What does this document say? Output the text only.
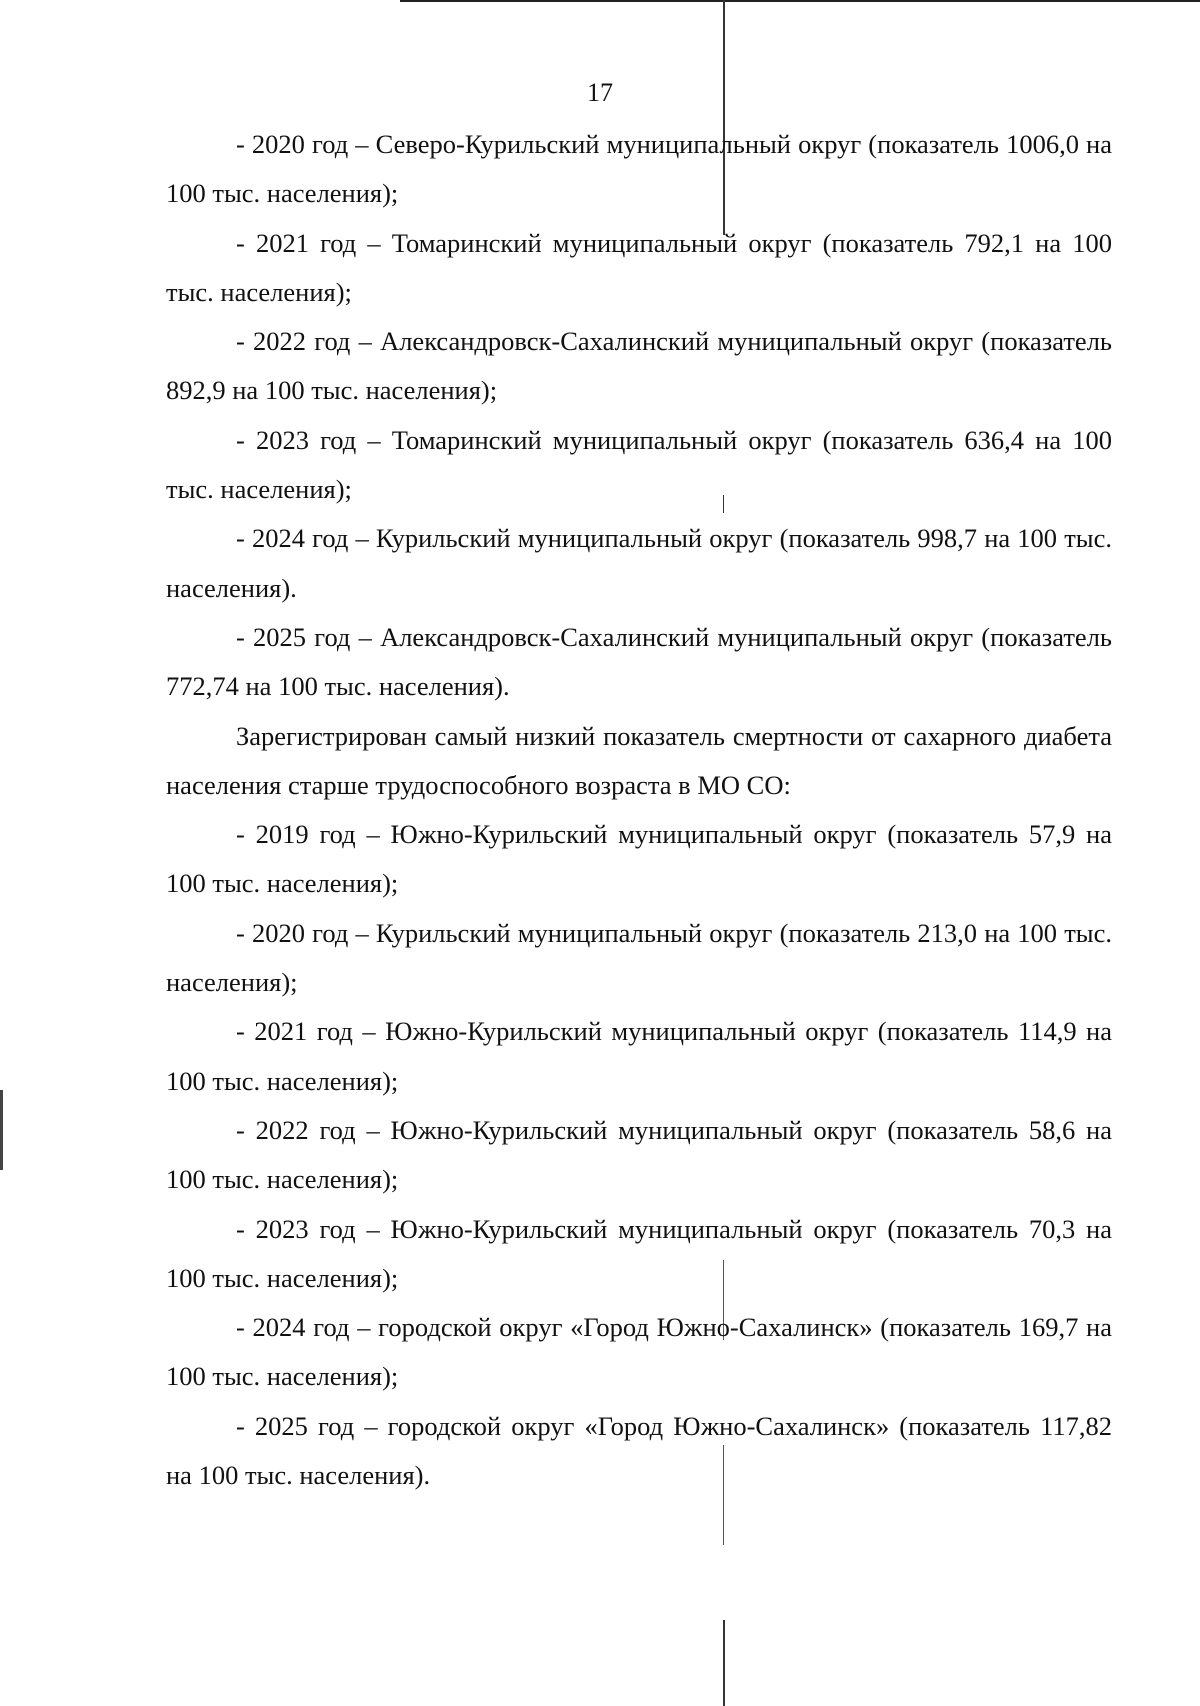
17

- 2020 год – Северо-Курильский муниципальный округ (показатель 1006,0 на 100 тыс. населения);

- 2021 год – Томаринский муниципальный округ (показатель 792,1 на 100 тыс. населения);

- 2022 год – Александровск-Сахалинский муниципальный округ (показатель 892,9 на 100 тыс. населения);

- 2023 год – Томаринский муниципальный округ (показатель 636,4 на 100 тыс. населения);

- 2024 год – Курильский муниципальный округ (показатель 998,7 на 100 тыс. населения).

- 2025 год – Александровск-Сахалинский муниципальный округ (показатель 772,74 на 100 тыс. населения).

Зарегистрирован самый низкий показатель смертности от сахарного диабета населения старше трудоспособного возраста в МО СО:

- 2019 год – Южно-Курильский муниципальный округ (показатель 57,9 на 100 тыс. населения);

- 2020 год – Курильский муниципальный округ (показатель 213,0 на 100 тыс. населения);

- 2021 год – Южно-Курильский муниципальный округ (показатель 114,9 на 100 тыс. населения);

- 2022 год – Южно-Курильский муниципальный округ (показатель 58,6 на 100 тыс. населения);

- 2023 год – Южно-Курильский муниципальный округ (показатель 70,3 на 100 тыс. населения);

- 2024 год – городской округ «Город Южно-Сахалинск» (показатель 169,7 на 100 тыс. населения);

- 2025 год – городской округ «Город Южно-Сахалинск» (показатель 117,82 на 100 тыс. населения).
